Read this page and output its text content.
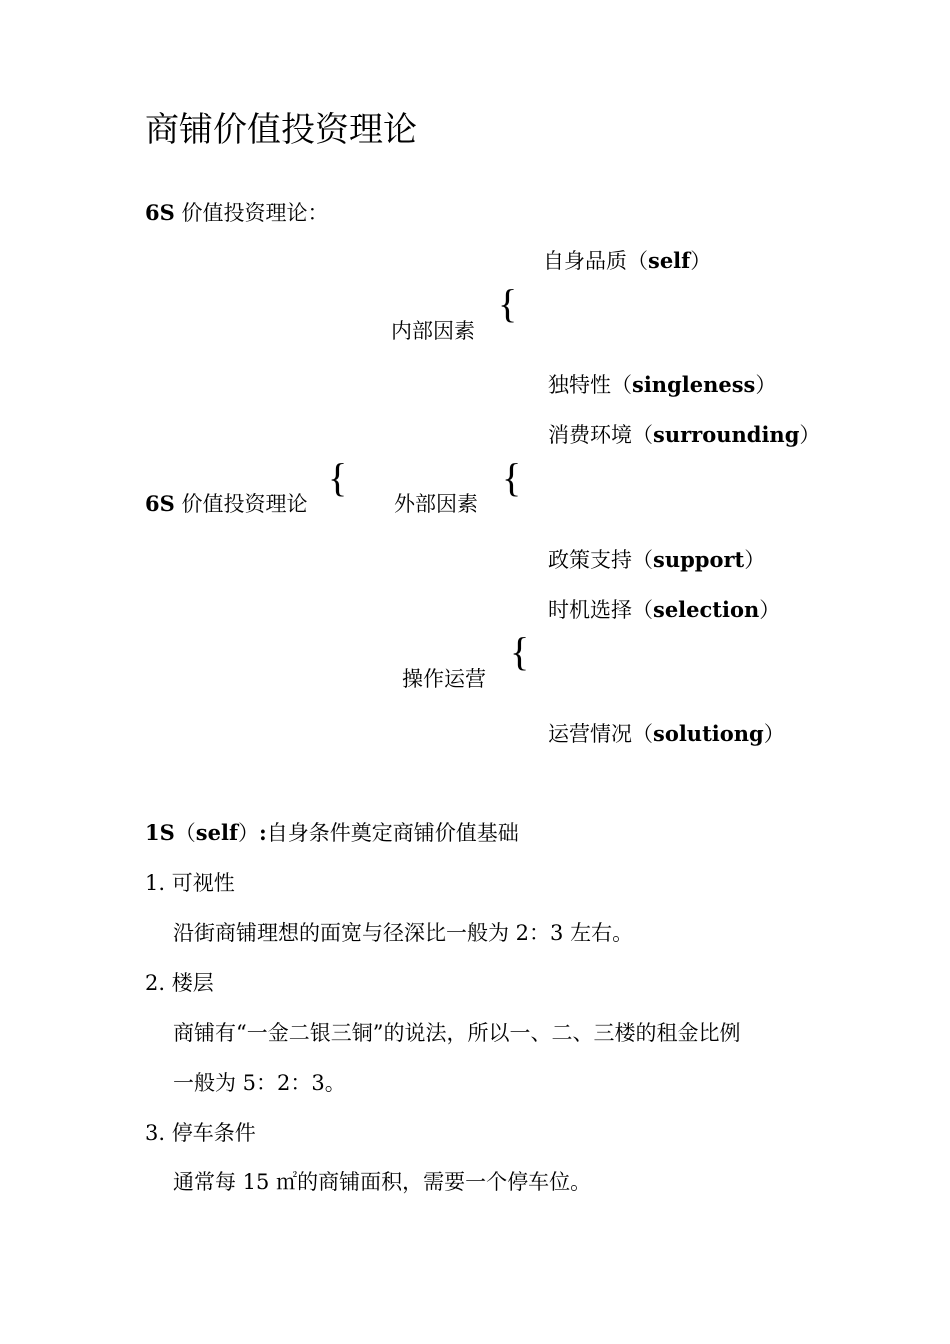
商铺价值投资理论
6S 价值投资理论：
自身品质（self）
{
内部因素
独特性（singleness）
消费环境（surrounding）
{	{
6S 价值投资理论	外部因素
政策支持（support）
时机选择（selection）
{
操作运营
运营情况（solutiong）
1S（self）:自身条件奠定商铺价值基础
1. 可视性
沿街商铺理想的面宽与径深比一般为 2：3 左右。
2. 楼层
商铺有“一金二银三铜”的说法，所以一、二、三楼的租金比例
一般为 5：2：3。
3. 停车条件
通常每 15 ㎡的商铺面积，需要一个停车位。
